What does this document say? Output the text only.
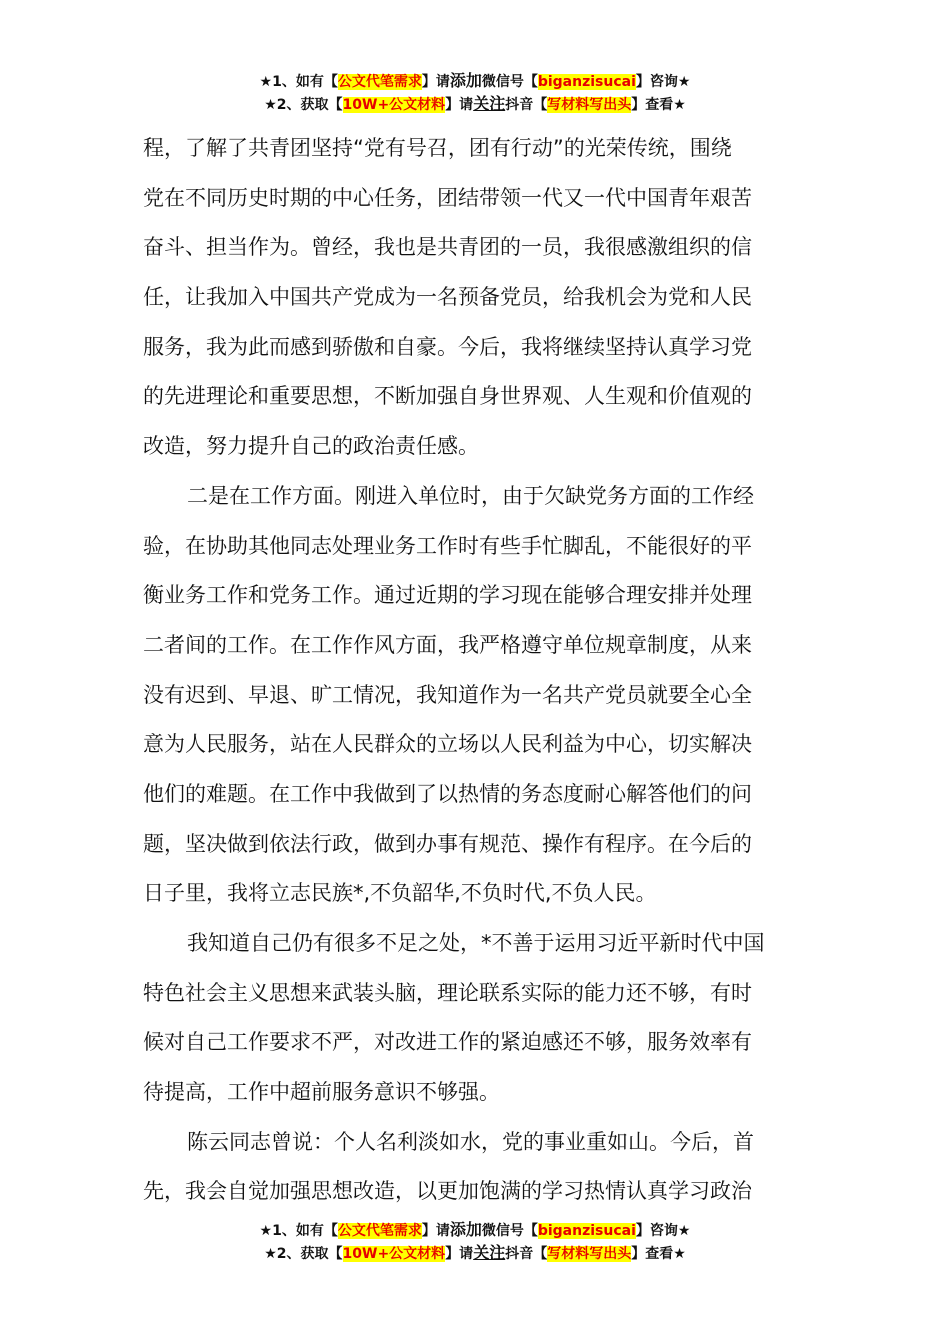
★1、如有【公文代笔需求】请添加微信号【biganzisucai】咨询★
★2、获取【10W+公文材料】请关注抖音【写材料写出头】查看★
程，了解了共青团坚持“党有号召，团有行动”的光荣传统，围绕
党在不同历史时期的中心任务，团结带领一代又一代中国青年艰苦
奋斗、担当作为。曾经，我也是共青团的一员，我很感激组织的信
任，让我加入中国共产党成为一名预备党员，给我机会为党和人民
服务，我为此而感到骄傲和自豪。今后，我将继续坚持认真学习党
的先进理论和重要思想，不断加强自身世界观、人生观和价值观的
改造，努力提升自己的政治责任感。
二是在工作方面。刚进入单位时，由于欠缺党务方面的工作经
验，在协助其他同志处理业务工作时有些手忙脚乱，不能很好的平
衡业务工作和党务工作。通过近期的学习现在能够合理安排并处理
二者间的工作。在工作作风方面，我严格遵守单位规章制度，从来
没有迟到、早退、旷工情况，我知道作为一名共产党员就要全心全
意为人民服务，站在人民群众的立场以人民利益为中心，切实解决
他们的难题。在工作中我做到了以热情的务态度耐心解答他们的问
题，坚决做到依法行政，做到办事有规范、操作有程序。在今后的
日子里，我将立志民族*,不负韶华,不负时代,不负人民。
我知道自己仍有很多不足之处，*不善于运用习近平新时代中国
特色社会主义思想来武装头脑，理论联系实际的能力还不够，有时
候对自己工作要求不严，对改进工作的紧迫感还不够，服务效率有
待提高，工作中超前服务意识不够强。
陈云同志曾说：个人名利淡如水，党的事业重如山。今后，首
先，我会自觉加强思想改造，以更加饱满的学习热情认真学习政治
★1、如有【公文代笔需求】请添加微信号【biganzisucai】咨询★
★2、获取【10W+公文材料】请关注抖音【写材料写出头】查看★
